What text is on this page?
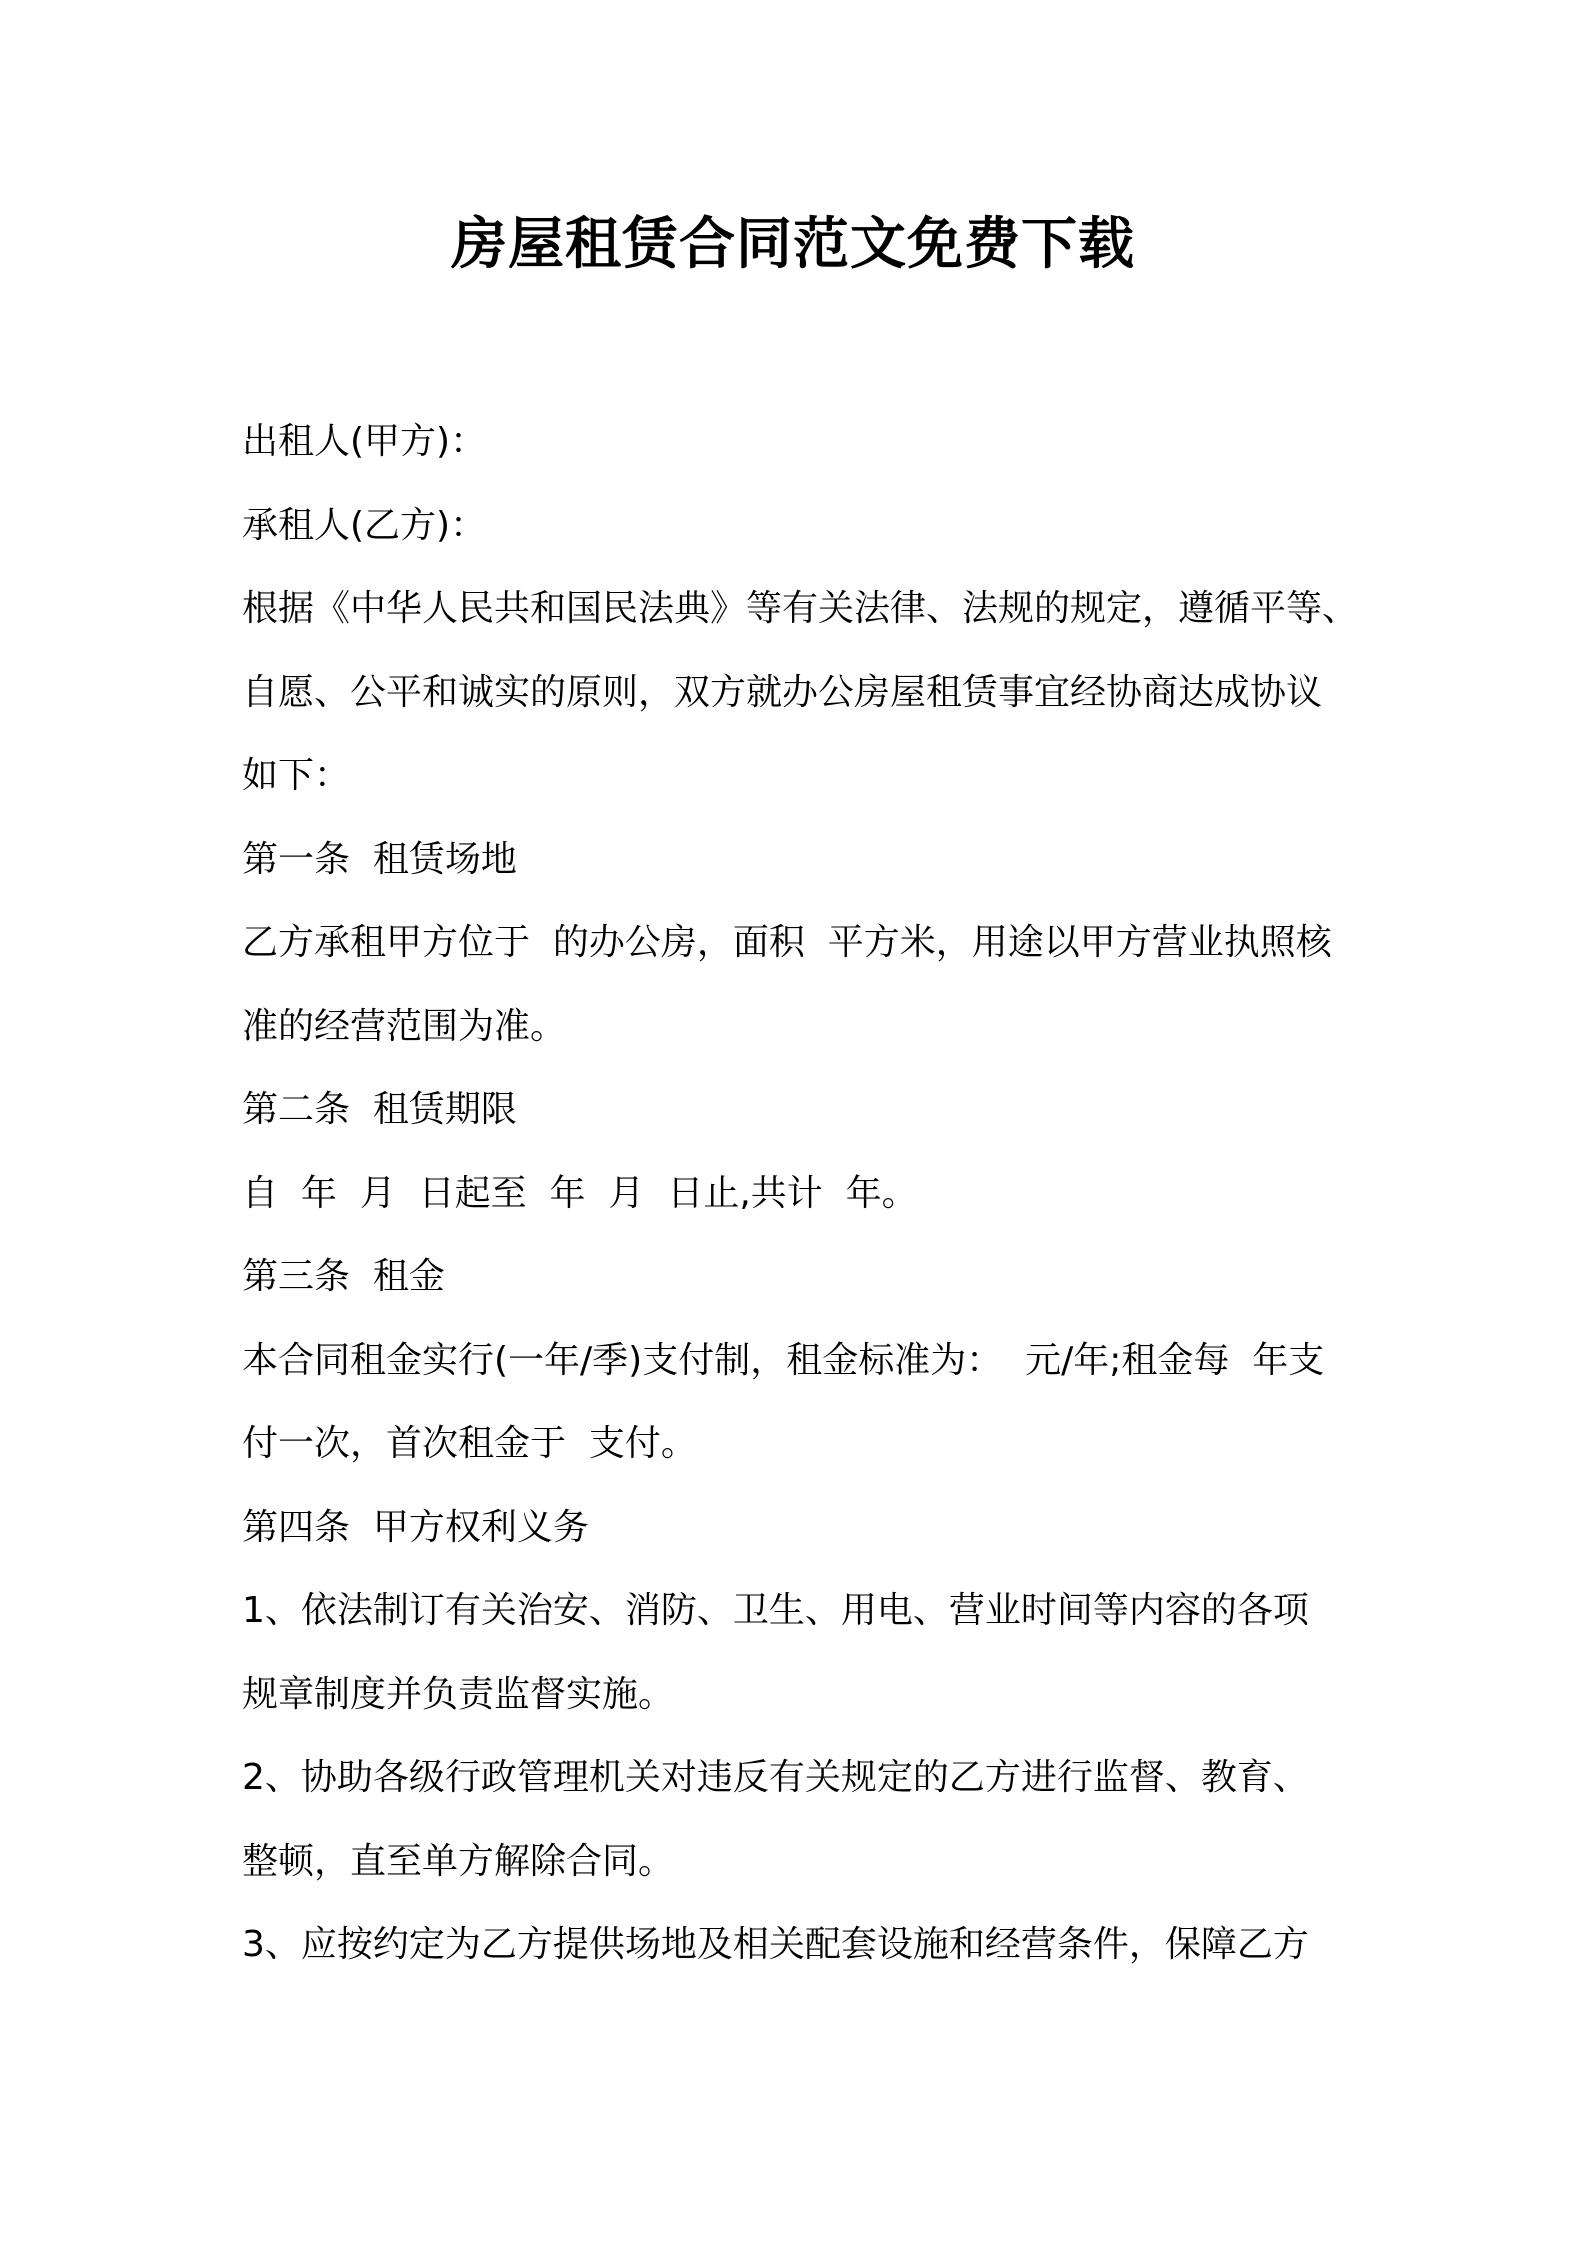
房屋租赁合同范文免费下载
出租人(甲方)：
承租人(乙方)：
根据《中华人民共和国民法典》等有关法律、法规的规定，遵循平等、
自愿、公平和诚实的原则，双方就办公房屋租赁事宜经协商达成协议
如下：
第一条  租赁场地
乙方承租甲方位于  的办公房，面积  平方米，用途以甲方营业执照核
准的经营范围为准。
第二条  租赁期限
自  年  月  日起至  年  月  日止,共计  年。
第三条  租金
本合同租金实行(一年/季)支付制，租金标准为：  元/年;租金每  年支
付一次，首次租金于  支付。
第四条  甲方权利义务
1、依法制订有关治安、消防、卫生、用电、营业时间等内容的各项
规章制度并负责监督实施。
2、协助各级行政管理机关对违反有关规定的乙方进行监督、教育、
整顿，直至单方解除合同。
3、应按约定为乙方提供场地及相关配套设施和经营条件，保障乙方
